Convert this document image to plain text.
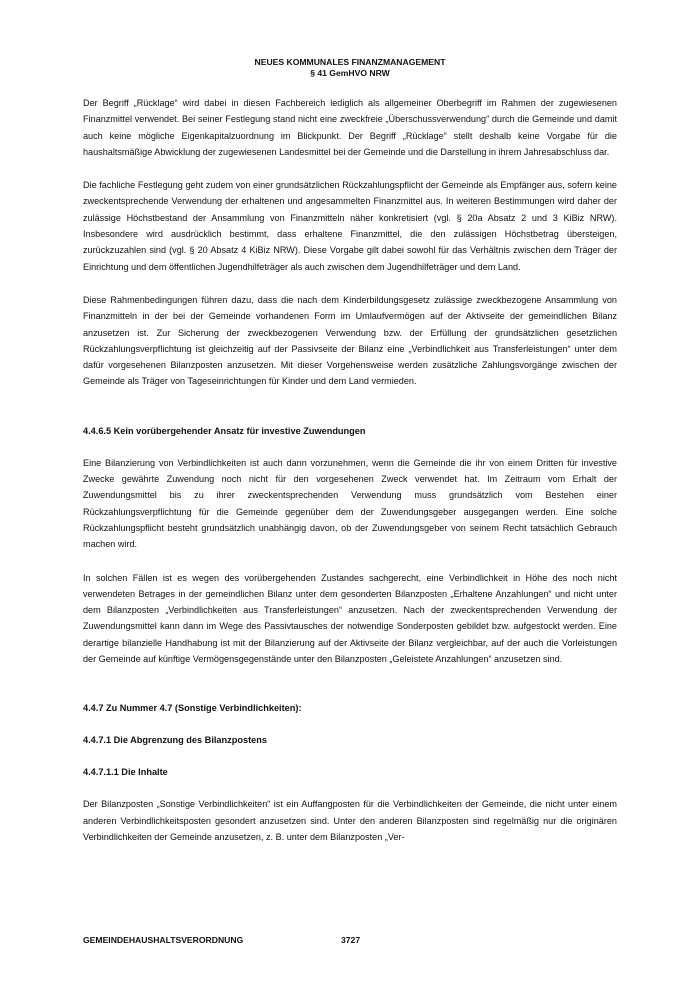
NEUES KOMMUNALES FINANZMANAGEMENT
§ 41 GemHVO NRW

Der Begriff „Rücklage“ wird dabei in diesen Fachbereich lediglich als allgemeiner Oberbegriff im Rahmen der zugewiesenen Finanzmittel verwendet. Bei seiner Festlegung stand nicht eine zweckfreie „Überschussverwendung“ durch die Gemeinde und damit auch keine mögliche Eigenkapitalzuordnung im Blickpunkt. Der Begriff „Rücklage“ stellt deshalb keine Vorgabe für die haushaltsmäßige Abwicklung der zugewiesenen Landesmittel bei der Gemeinde und die Darstellung in ihrem Jahresabschluss dar.

Die fachliche Festlegung geht zudem von einer grundsätzlichen Rückzahlungspflicht der Gemeinde als Empfänger aus, sofern keine zweckentsprechende Verwendung der erhaltenen und angesammelten Finanzmittel aus. In weiteren Bestimmungen wird daher der zulässige Höchstbestand der Ansammlung von Finanzmitteln näher konkretisiert (vgl. § 20a Absatz 2 und 3 KiBiz NRW). Insbesondere wird ausdrücklich bestimmt, dass erhaltene Finanzmittel, die den zulässigen Höchstbetrag übersteigen, zurückzuzahlen sind (vgl. § 20 Absatz 4 KiBiz NRW). Diese Vorgabe gilt dabei sowohl für das Verhältnis zwischen dem Träger der Einrichtung und dem öffentlichen Jugendhilfeträger als auch zwischen dem Jugendhilfeträger und dem Land.

Diese Rahmenbedingungen führen dazu, dass die nach dem Kinderbildungsgesetz zulässige zweckbezogene Ansammlung von Finanzmitteln in der bei der Gemeinde vorhandenen Form im Umlaufvermögen auf der Aktivseite der gemeindlichen Bilanz anzusetzen ist. Zur Sicherung der zweckbezogenen Verwendung bzw. der Erfüllung der grundsätzlichen gesetzlichen Rückzahlungsverpflichtung ist gleichzeitig auf der Passivseite der Bilanz eine „Verbindlichkeit aus Transferleistungen“ unter dem dafür vorgesehenen Bilanzposten anzusetzen. Mit dieser Vorgehensweise werden zusätzliche Zahlungsvorgänge zwischen der Gemeinde als Träger von Tageseinrichtungen für Kinder und dem Land vermieden.

4.4.6.5 Kein vorübergehender Ansatz für investive Zuwendungen

Eine Bilanzierung von Verbindlichkeiten ist auch dann vorzunehmen, wenn die Gemeinde die ihr von einem Dritten für investive Zwecke gewährte Zuwendung noch nicht für den vorgesehenen Zweck verwendet hat. Im Zeitraum vom Erhalt der Zuwendungsmittel bis zu ihrer zweckentsprechenden Verwendung muss grundsätzlich vom Bestehen einer Rückzahlungsverpflichtung für die Gemeinde gegenüber dem der Zuwendungsgeber ausgegangen werden. Eine solche Rückzahlungspflicht besteht grundsätzlich unabhängig davon, ob der Zuwendungsgeber von seinem Recht tatsächlich Gebrauch machen wird.

In solchen Fällen ist es wegen des vorübergehenden Zustandes sachgerecht, eine Verbindlichkeit in Höhe des noch nicht verwendeten Betrages in der gemeindlichen Bilanz unter dem gesonderten Bilanzposten „Erhaltene Anzahlungen“ und nicht unter dem Bilanzposten „Verbindlichkeiten aus Transferleistungen“ anzusetzen. Nach der zweckentsprechenden Verwendung der Zuwendungsmittel kann dann im Wege des Passivtausches der notwendige Sonderposten gebildet bzw. aufgestockt werden. Eine derartige bilanzielle Handhabung ist mit der Bilanzierung auf der Aktivseite der Bilanz vergleichbar, auf der auch die Vorleistungen der Gemeinde auf künftige Vermögensgegenstände unter den Bilanzposten „Geleistete Anzahlungen“ anzusetzen sind.

4.4.7 Zu Nummer 4.7 (Sonstige Verbindlichkeiten):
4.4.7.1 Die Abgrenzung des Bilanzpostens
4.4.7.1.1 Die Inhalte

Der Bilanzposten „Sonstige Verbindlichkeiten“ ist ein Auffangposten für die Verbindlichkeiten der Gemeinde, die nicht unter einem anderen Verbindlichkeitsposten gesondert anzusetzen sind. Unter den anderen Bilanzposten sind regelmäßig nur die originären Verbindlichkeiten der Gemeinde anzusetzen, z. B. unter dem Bilanzposten „Ver-

GEMEINDEHAUSHALTSVERORDNUNG	3727
